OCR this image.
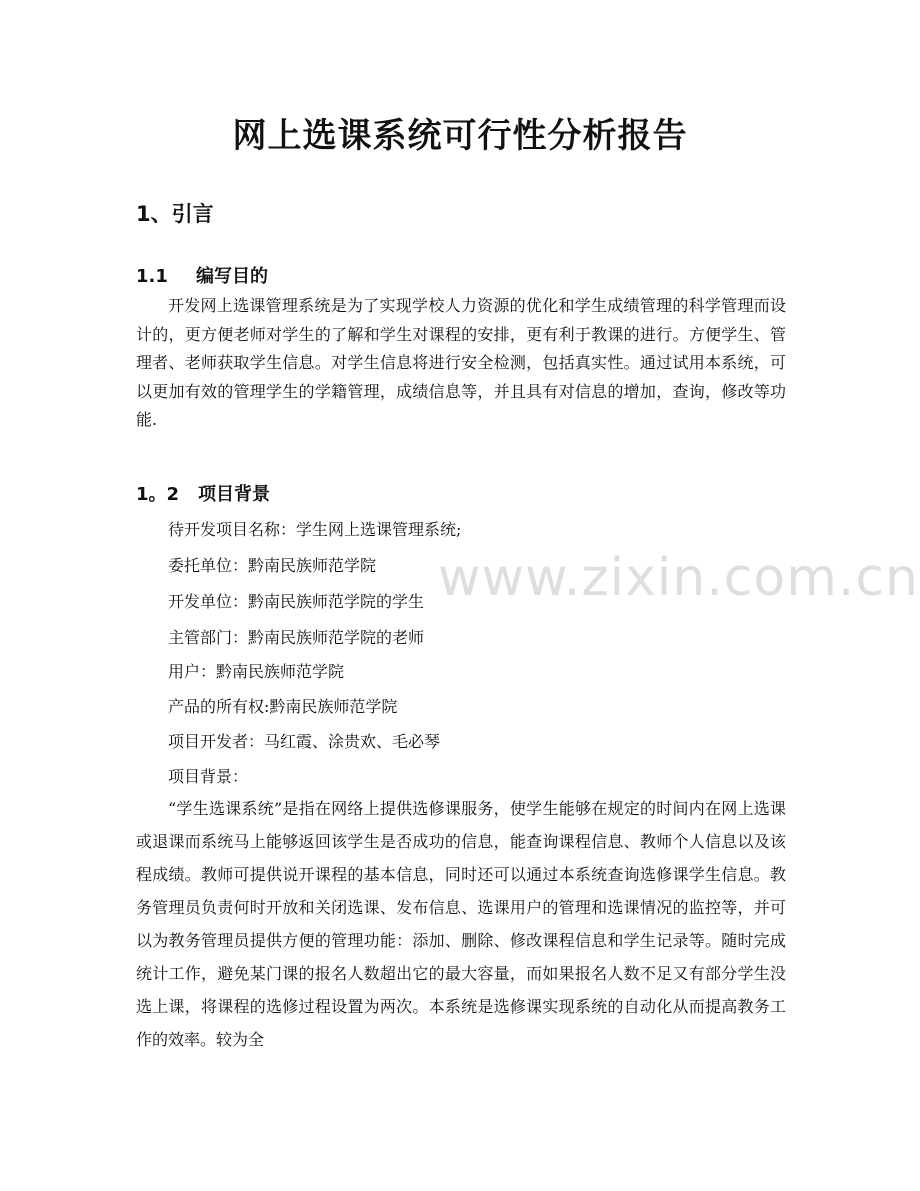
网上选课系统可行性分析报告
1、引言
1.1 编写目的
开发网上选课管理系统是为了实现学校人力资源的优化和学生成绩管理的科学管理而设计的，更方便老师对学生的了解和学生对课程的安排，更有利于教课的进行。方便学生、管理者、老师获取学生信息。对学生信息将进行安全检测，包括真实性。通过试用本系统，可以更加有效的管理学生的学籍管理，成绩信息等，并且具有对信息的增加，查询，修改等功能.
1。2 项目背景
待开发项目名称：学生网上选课管理系统;
委托单位：黔南民族师范学院
开发单位：黔南民族师范学院的学生
主管部门：黔南民族师范学院的老师
用户：黔南民族师范学院
产品的所有权:黔南民族师范学院
项目开发者：马红霞、涂贵欢、毛必琴
项目背景：
“学生选课系统”是指在网络上提供选修课服务，使学生能够在规定的时间内在网上选课或退课而系统马上能够返回该学生是否成功的信息，能查询课程信息、教师个人信息以及该程成绩。教师可提供说开课程的基本信息，同时还可以通过本系统查询选修课学生信息。教务管理员负责何时开放和关闭选课、发布信息、选课用户的管理和选课情况的监控等，并可以为教务管理员提供方便的管理功能：添加、删除、修改课程信息和学生记录等。随时完成统计工作，避免某门课的报名人数超出它的最大容量，而如果报名人数不足又有部分学生没选上课，将课程的选修过程设置为两次。本系统是选修课实现系统的自动化从而提高教务工作的效率。较为全
www.zixin.com.cn
